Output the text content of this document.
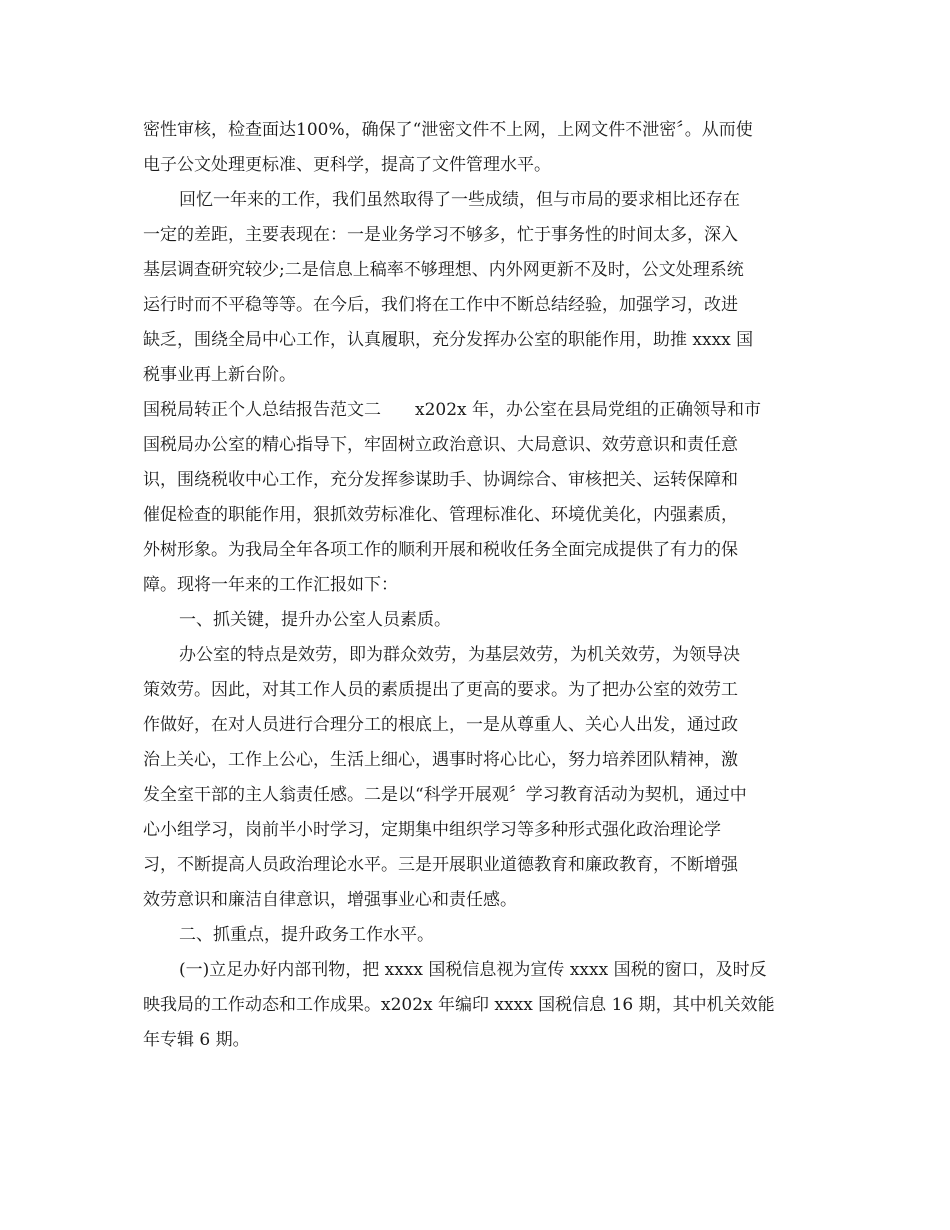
密性审核，检查面达100%，确保了“泄密文件不上网，上网文件不泄密〞。从而使
电子公文处理更标准、更科学，提高了文件管理水平。
回忆一年来的工作，我们虽然取得了一些成绩，但与市局的要求相比还存在
一定的差距，主要表现在：一是业务学习不够多，忙于事务性的时间太多，深入
基层调查研究较少;二是信息上稿率不够理想、内外网更新不及时，公文处理系统
运行时而不平稳等等。在今后，我们将在工作中不断总结经验，加强学习，改进
缺乏，围绕全局中心工作，认真履职，充分发挥办公室的职能作用，助推 xxxx 国
税事业再上新台阶。
国税局转正个人总结报告范文二　　x202x 年，办公室在县局党组的正确领导和市
国税局办公室的精心指导下，牢固树立政治意识、大局意识、效劳意识和责任意
识，围绕税收中心工作，充分发挥参谋助手、协调综合、审核把关、运转保障和
催促检查的职能作用，狠抓效劳标准化、管理标准化、环境优美化，内强素质，
外树形象。为我局全年各项工作的顺利开展和税收任务全面完成提供了有力的保
障。现将一年来的工作汇报如下：
一、抓关键，提升办公室人员素质。
办公室的特点是效劳，即为群众效劳，为基层效劳，为机关效劳，为领导决
策效劳。因此，对其工作人员的素质提出了更高的要求。为了把办公室的效劳工
作做好，在对人员进行合理分工的根底上，一是从尊重人、关心人出发，通过政
治上关心，工作上公心，生活上细心，遇事时将心比心，努力培养团队精神，激
发全室干部的主人翁责任感。二是以“科学开展观〞学习教育活动为契机，通过中
心小组学习，岗前半小时学习，定期集中组织学习等多种形式强化政治理论学
习，不断提高人员政治理论水平。三是开展职业道德教育和廉政教育，不断增强
效劳意识和廉洁自律意识，增强事业心和责任感。
二、抓重点，提升政务工作水平。
(一)立足办好内部刊物，把 xxxx 国税信息视为宣传 xxxx 国税的窗口，及时反
映我局的工作动态和工作成果。x202x 年编印 xxxx 国税信息 16 期，其中机关效能
年专辑 6 期。
